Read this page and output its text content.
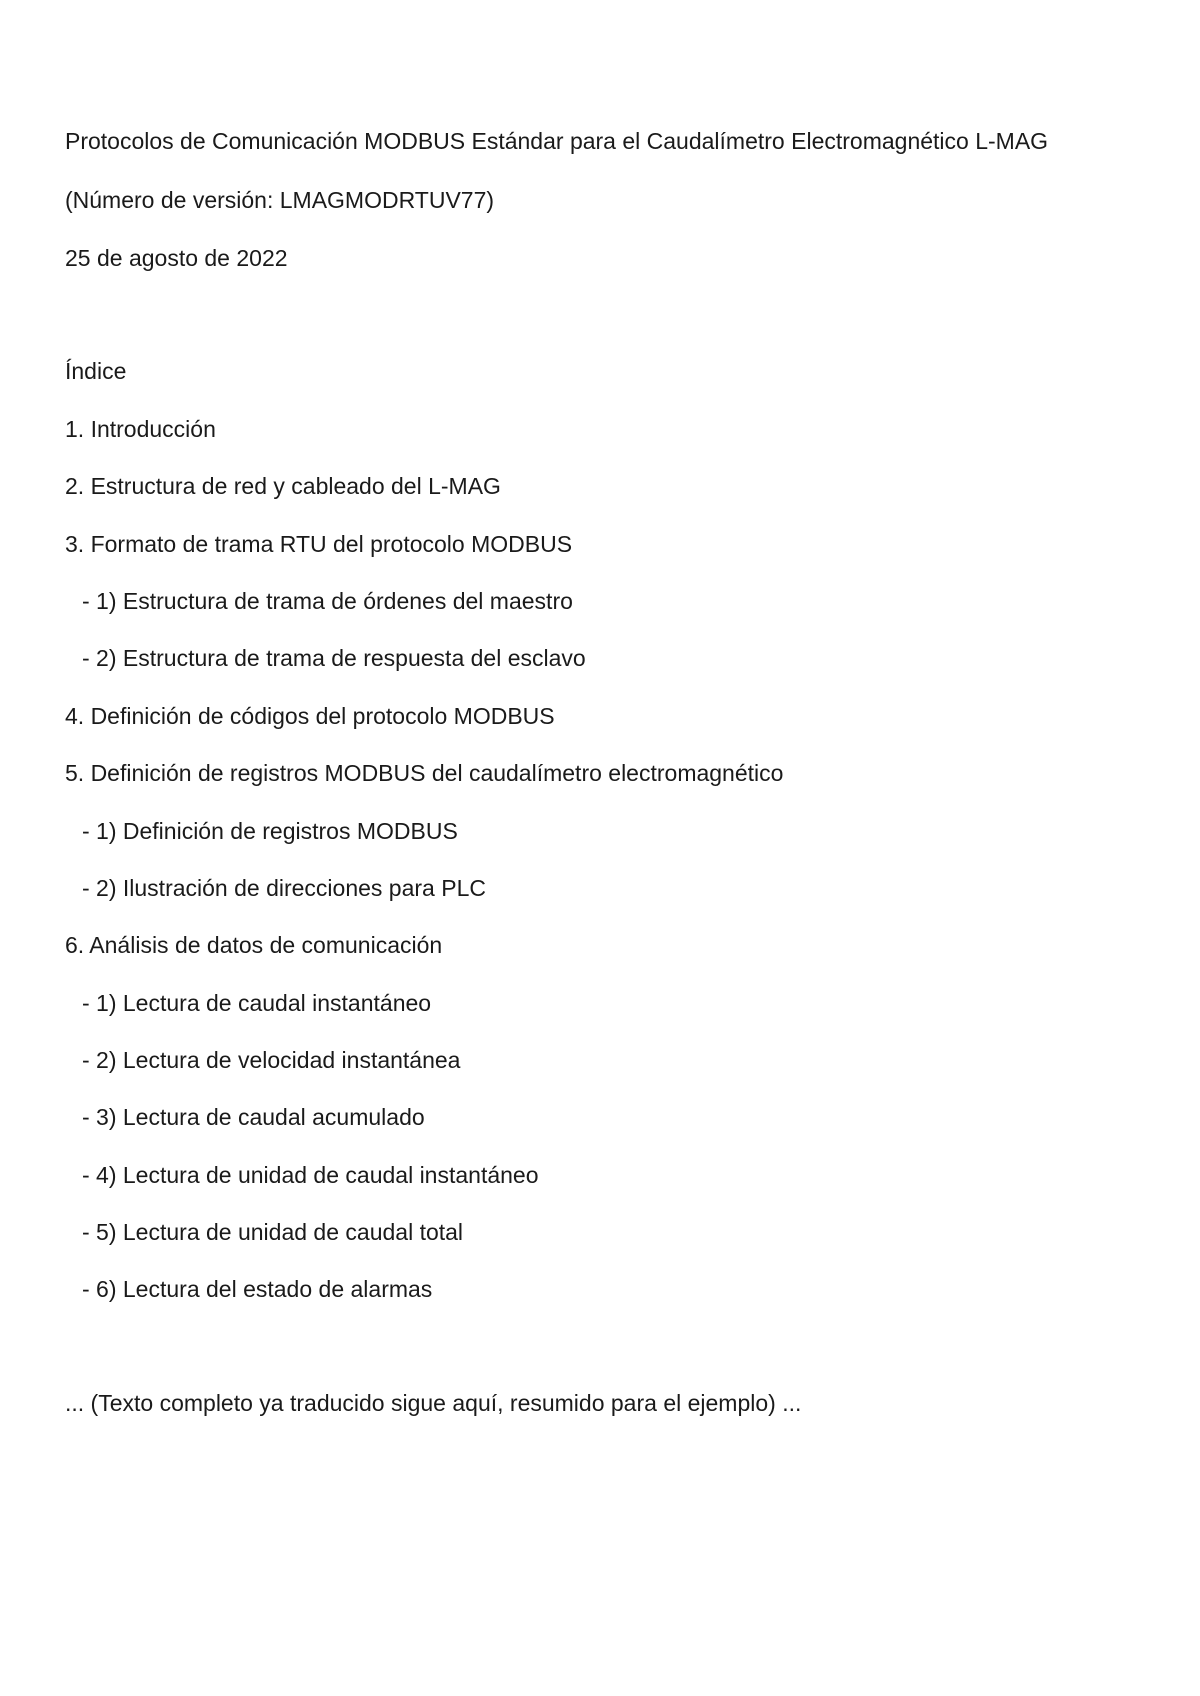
Protocolos de Comunicación MODBUS Estándar para el Caudalímetro Electromagnético L-MAG
(Número de versión: LMAGMODRTUV77)
25 de agosto de 2022
Índice
1. Introducción
2. Estructura de red y cableado del L-MAG
3. Formato de trama RTU del protocolo MODBUS
- 1) Estructura de trama de órdenes del maestro
- 2) Estructura de trama de respuesta del esclavo
4. Definición de códigos del protocolo MODBUS
5. Definición de registros MODBUS del caudalímetro electromagnético
- 1) Definición de registros MODBUS
- 2) Ilustración de direcciones para PLC
6. Análisis de datos de comunicación
- 1) Lectura de caudal instantáneo
- 2) Lectura de velocidad instantánea
- 3) Lectura de caudal acumulado
- 4) Lectura de unidad de caudal instantáneo
- 5) Lectura de unidad de caudal total
- 6) Lectura del estado de alarmas
... (Texto completo ya traducido sigue aquí, resumido para el ejemplo) ...
